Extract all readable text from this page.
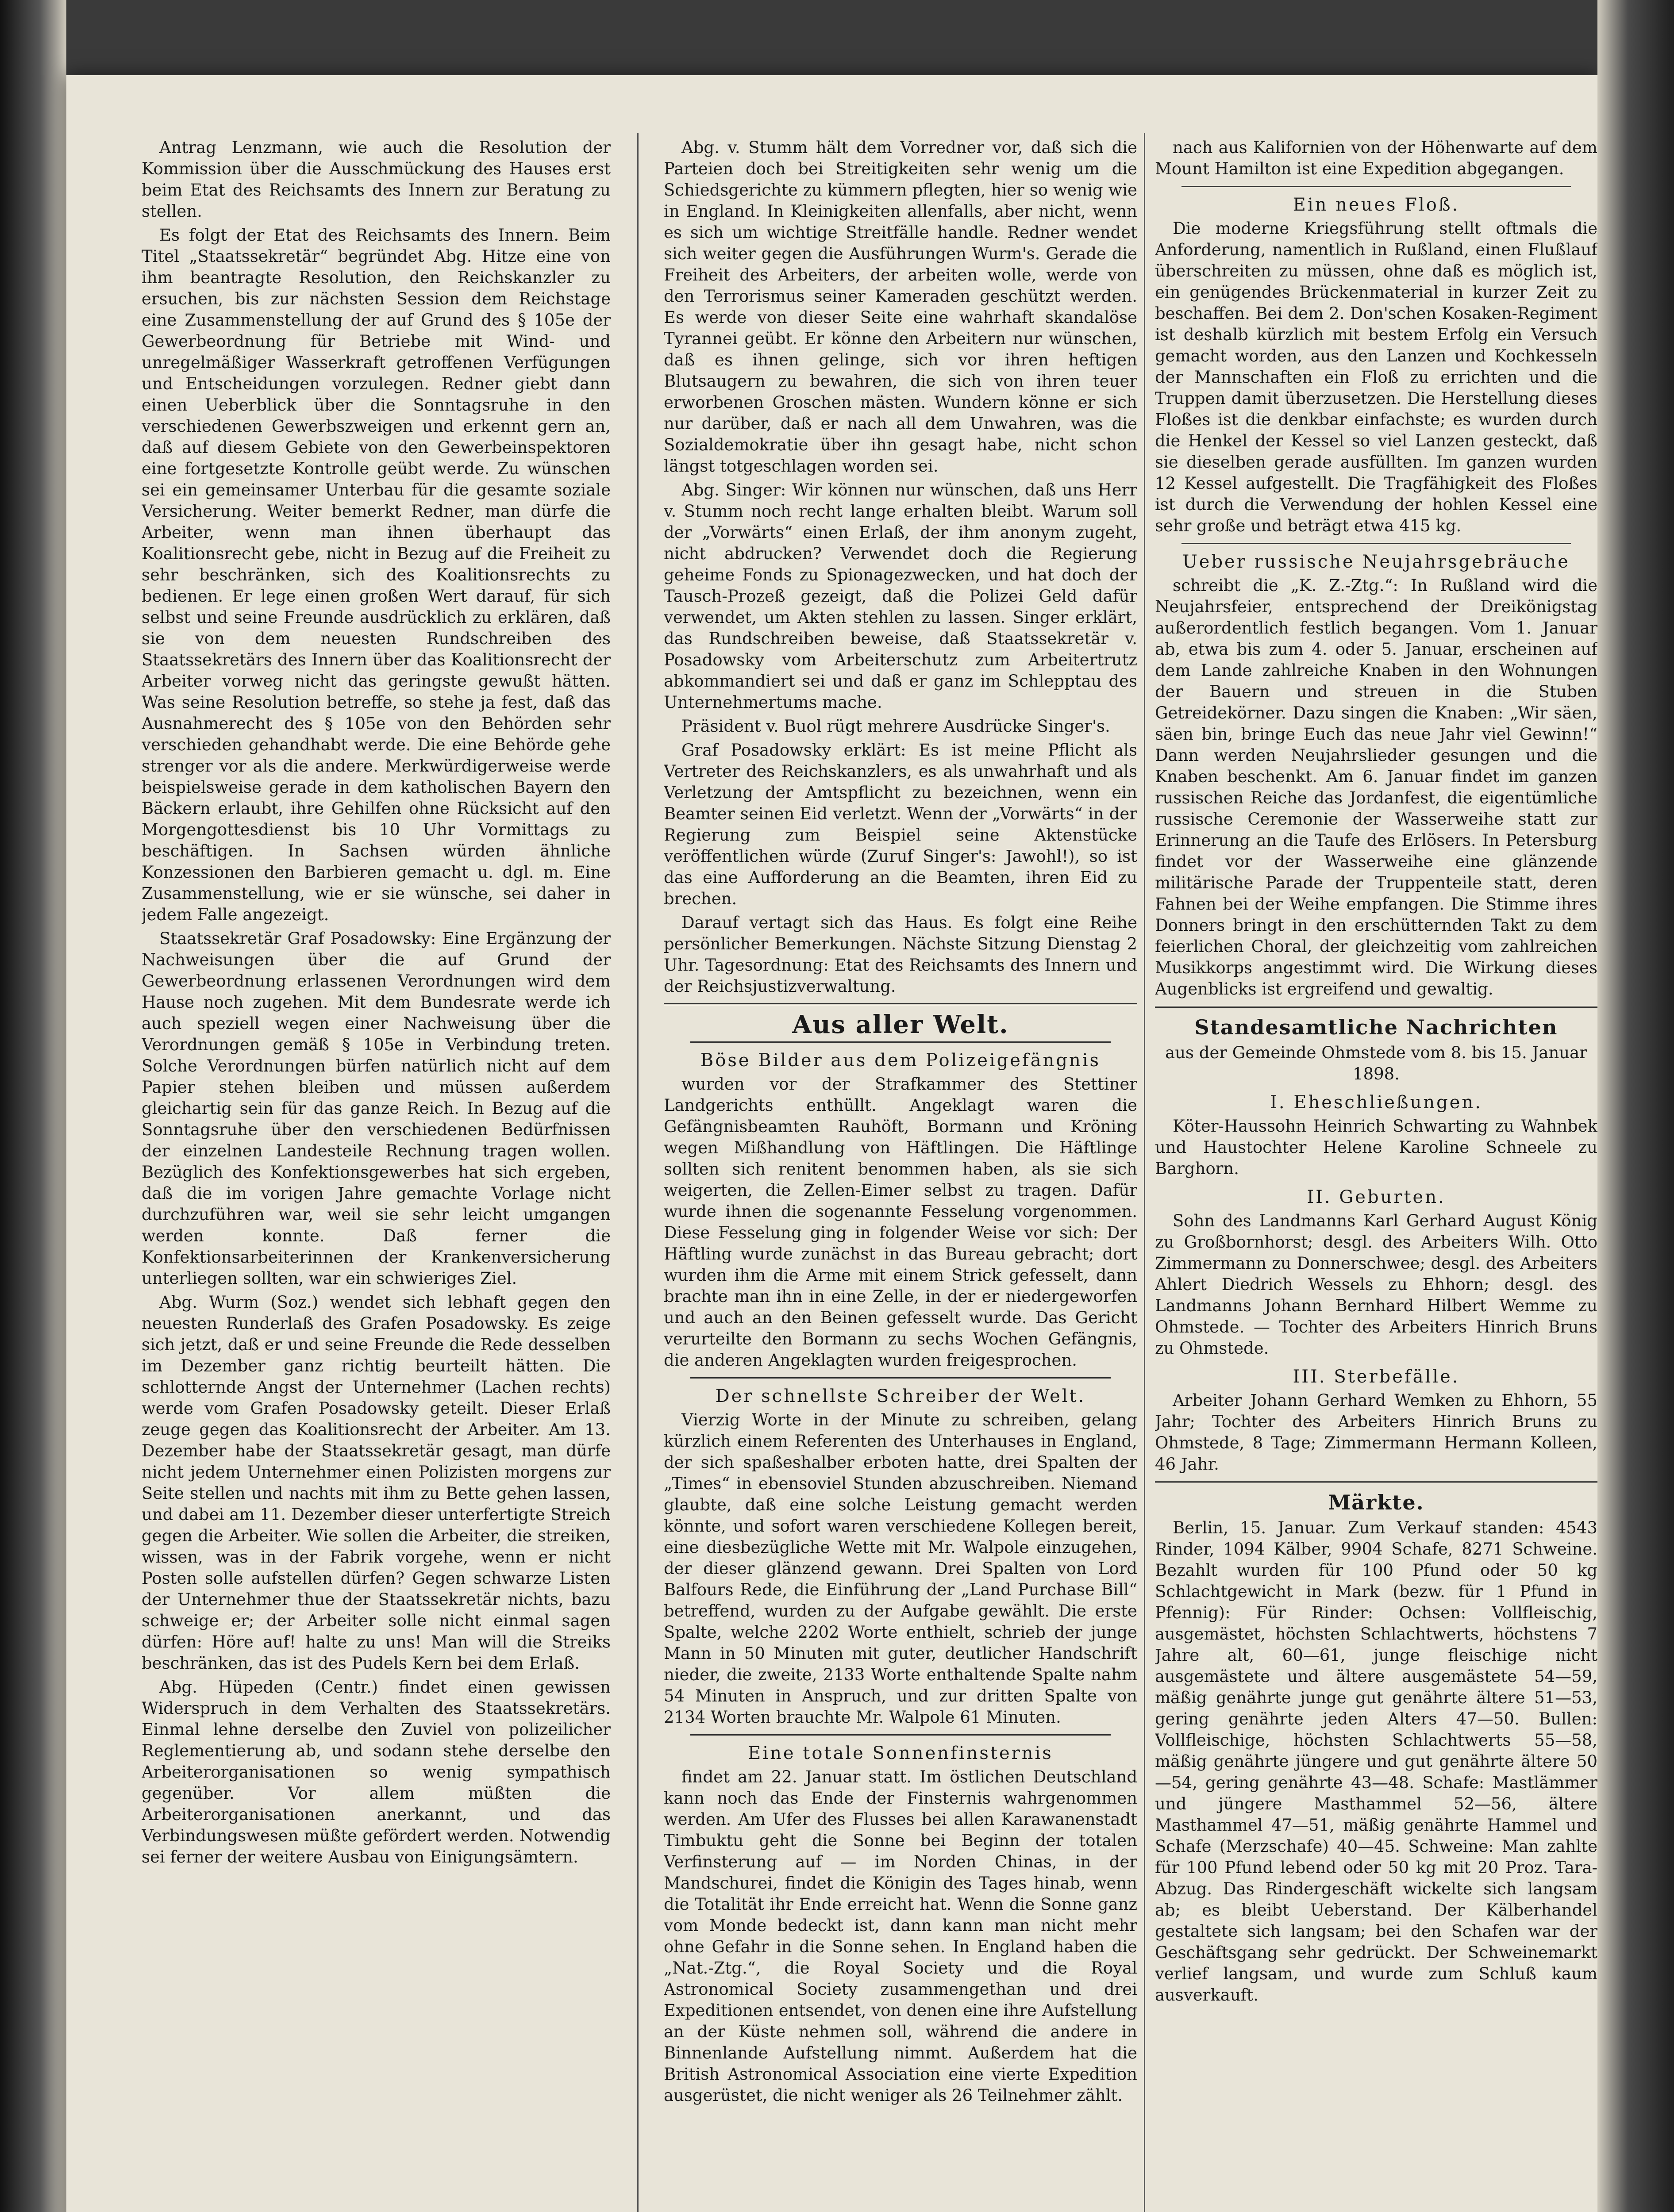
Antrag Lenzmann, wie auch die Resolution der Kommission über die Ausschmückung des Hauses erst beim Etat des Reichsamts des Innern zur Beratung zu stellen.

Es folgt der Etat des Reichsamts des Innern. Beim Titel „Staatssekretär“ begründet Abg. Hitze eine von ihm beantragte Resolution, den Reichskanzler zu ersuchen, bis zur nächsten Session dem Reichstage eine Zusammenstellung der auf Grund des § 105e der Gewerbeordnung für Betriebe mit Wind- und unregelmäßiger Wasserkraft getroffenen Verfügungen und Entscheidungen vorzulegen. Redner giebt dann einen Ueberblick über die Sonntagsruhe in den verschiedenen Gewerbszweigen und erkennt gern an, daß auf diesem Gebiete von den Gewerbeinspektoren eine fortgesetzte Kontrolle geübt werde. Zu wünschen sei ein gemeinsamer Unterbau für die gesamte soziale Versicherung. Weiter bemerkt Redner, man dürfe die Arbeiter, wenn man ihnen überhaupt das Koalitionsrecht gebe, nicht in Bezug auf die Freiheit zu sehr beschränken, sich des Koalitionsrechts zu bedienen. Er lege einen großen Wert darauf, für sich selbst und seine Freunde ausdrücklich zu erklären, daß sie von dem neuesten Rundschreiben des Staatssekretärs des Innern über das Koalitionsrecht der Arbeiter vorweg nicht das geringste gewußt hätten. Was seine Resolution betreffe, so stehe ja fest, daß das Ausnahmerecht des § 105e von den Behörden sehr verschieden gehandhabt werde. Die eine Behörde gehe strenger vor als die andere. Merkwürdigerweise werde beispielsweise gerade in dem katholischen Bayern den Bäckern erlaubt, ihre Gehilfen ohne Rücksicht auf den Morgengottesdienst bis 10 Uhr Vormittags zu beschäftigen. In Sachsen würden ähnliche Konzessionen den Barbieren gemacht u. dgl. m. Eine Zusammenstellung, wie er sie wünsche, sei daher in jedem Falle angezeigt.

Staatssekretär Graf Posadowsky: Eine Ergänzung der Nachweisungen über die auf Grund der Gewerbeordnung erlassenen Verordnungen wird dem Hause noch zugehen. Mit dem Bundesrate werde ich auch speziell wegen einer Nachweisung über die Verordnungen gemäß § 105e in Verbindung treten. Solche Verordnungen bürfen natürlich nicht auf dem Papier stehen bleiben und müssen außerdem gleichartig sein für das ganze Reich. In Bezug auf die Sonntagsruhe über den verschiedenen Bedürfnissen der einzelnen Landesteile Rechnung tragen wollen. Bezüglich des Konfektionsgewerbes hat sich ergeben, daß die im vorigen Jahre gemachte Vorlage nicht durchzuführen war, weil sie sehr leicht umgangen werden konnte. Daß ferner die Konfektionsarbeiterinnen der Krankenversicherung unterliegen sollten, war ein schwieriges Ziel.

Abg. Wurm (Soz.) wendet sich lebhaft gegen den neuesten Runderlaß des Grafen Posadowsky. Es zeige sich jetzt, daß er und seine Freunde die Rede desselben im Dezember ganz richtig beurteilt hätten. Die schlotternde Angst der Unternehmer (Lachen rechts) werde vom Grafen Posadowsky geteilt. Dieser Erlaß zeuge gegen das Koalitionsrecht der Arbeiter. Am 13. Dezember habe der Staatssekretär gesagt, man dürfe nicht jedem Unternehmer einen Polizisten morgens zur Seite stellen und nachts mit ihm zu Bette gehen lassen, und dabei am 11. Dezember dieser unterfertigte Streich gegen die Arbeiter. Wie sollen die Arbeiter, die streiken, wissen, was in der Fabrik vorgehe, wenn er nicht Posten solle aufstellen dürfen? Gegen schwarze Listen der Unternehmer thue der Staatssekretär nichts, bazu schweige er; der Arbeiter solle nicht einmal sagen dürfen: Höre auf! halte zu uns! Man will die Streiks beschränken, das ist des Pudels Kern bei dem Erlaß.

Abg. Hüpeden (Centr.) findet einen gewissen Widerspruch in dem Verhalten des Staatssekretärs. Einmal lehne derselbe den Zuviel von polizeilicher Reglementierung ab, und sodann stehe derselbe den Arbeiterorganisationen so wenig sympathisch gegenüber. Vor allem müßten die Arbeiterorganisationen anerkannt, und das Verbindungswesen müßte gefördert werden. Notwendig sei ferner der weitere Ausbau von Einigungsämtern.

Abg. v. Stumm hält dem Vorredner vor, daß sich die Parteien doch bei Streitigkeiten sehr wenig um die Schiedsgerichte zu kümmern pflegten, hier so wenig wie in England. In Kleinigkeiten allenfalls, aber nicht, wenn es sich um wichtige Streitfälle handle. Redner wendet sich weiter gegen die Ausführungen Wurm's. Gerade die Freiheit des Arbeiters, der arbeiten wolle, werde von den Terrorismus seiner Kameraden geschützt werden. Es werde von dieser Seite eine wahrhaft skandalöse Tyrannei geübt. Er könne den Arbeitern nur wünschen, daß es ihnen gelinge, sich vor ihren heftigen Blutsaugern zu bewahren, die sich von ihren teuer erworbenen Groschen mästen. Wundern könne er sich nur darüber, daß er nach all dem Unwahren, was die Sozialdemokratie über ihn gesagt habe, nicht schon längst totgeschlagen worden sei.

Abg. Singer: Wir können nur wünschen, daß uns Herr v. Stumm noch recht lange erhalten bleibt. Warum soll der „Vorwärts“ einen Erlaß, der ihm anonym zugeht, nicht abdrucken? Verwendet doch die Regierung geheime Fonds zu Spionagezwecken, und hat doch der Tausch-Prozeß gezeigt, daß die Polizei Geld dafür verwendet, um Akten stehlen zu lassen. Singer erklärt, das Rundschreiben beweise, daß Staatssekretär v. Posadowsky vom Arbeiterschutz zum Arbeitertrutz abkommandiert sei und daß er ganz im Schlepptau des Unternehmertums mache.

Präsident v. Buol rügt mehrere Ausdrücke Singer's.

Graf Posadowsky erklärt: Es ist meine Pflicht als Vertreter des Reichskanzlers, es als unwahrhaft und als Verletzung der Amtspflicht zu bezeichnen, wenn ein Beamter seinen Eid verletzt. Wenn der „Vorwärts“ in der Regierung zum Beispiel seine Aktenstücke veröffentlichen würde (Zuruf Singer's: Jawohl!), so ist das eine Aufforderung an die Beamten, ihren Eid zu brechen.

Darauf vertagt sich das Haus. Es folgt eine Reihe persönlicher Bemerkungen. Nächste Sitzung Dienstag 2 Uhr. Tagesordnung: Etat des Reichsamts des Innern und der Reichsjustizverwaltung.

Aus aller Welt.
Böse Bilder aus dem Polizeigefängnis

wurden vor der Strafkammer des Stettiner Landgerichts enthüllt. Angeklagt waren die Gefängnisbeamten Rauhöft, Bormann und Kröning wegen Mißhandlung von Häftlingen. Die Häftlinge sollten sich renitent benommen haben, als sie sich weigerten, die Zellen-Eimer selbst zu tragen. Dafür wurde ihnen die sogenannte Fesselung vorgenommen. Diese Fesselung ging in folgender Weise vor sich: Der Häftling wurde zunächst in das Bureau gebracht; dort wurden ihm die Arme mit einem Strick gefesselt, dann brachte man ihn in eine Zelle, in der er niedergeworfen und auch an den Beinen gefesselt wurde. Das Gericht verurteilte den Bormann zu sechs Wochen Gefängnis, die anderen Angeklagten wurden freigesprochen.

Der schnellste Schreiber der Welt.

Vierzig Worte in der Minute zu schreiben, gelang kürzlich einem Referenten des Unterhauses in England, der sich spaßeshalber erboten hatte, drei Spalten der „Times“ in ebensoviel Stunden abzuschreiben. Niemand glaubte, daß eine solche Leistung gemacht werden könnte, und sofort waren verschiedene Kollegen bereit, eine diesbezügliche Wette mit Mr. Walpole einzugehen, der dieser glänzend gewann. Drei Spalten von Lord Balfours Rede, die Einführung der „Land Purchase Bill“ betreffend, wurden zu der Aufgabe gewählt. Die erste Spalte, welche 2202 Worte enthielt, schrieb der junge Mann in 50 Minuten mit guter, deutlicher Handschrift nieder, die zweite, 2133 Worte enthaltende Spalte nahm 54 Minuten in Anspruch, und zur dritten Spalte von 2134 Worten brauchte Mr. Walpole 61 Minuten.

Eine totale Sonnenfinsternis

findet am 22. Januar statt. Im östlichen Deutschland kann noch das Ende der Finsternis wahrgenommen werden. Am Ufer des Flusses bei allen Karawanenstadt Timbuktu geht die Sonne bei Beginn der totalen Verfinsterung auf — im Norden Chinas, in der Mandschurei, findet die Königin des Tages hinab, wenn die Totalität ihr Ende erreicht hat. Wenn die Sonne ganz vom Monde bedeckt ist, dann kann man nicht mehr ohne Gefahr in die Sonne sehen. In England haben die „Nat.-Ztg.“, die Royal Society und die Royal Astronomical Society zusammengethan und drei Expeditionen entsendet, von denen eine ihre Aufstellung an der Küste nehmen soll, während die andere in Binnenlande Aufstellung nimmt. Außerdem hat die British Astronomical Association eine vierte Expedition ausgerüstet, die nicht weniger als 26 Teilnehmer zählt.

nach aus Kalifornien von der Höhenwarte auf dem Mount Hamilton ist eine Expedition abgegangen.

Ein neues Floß.

Die moderne Kriegsführung stellt oftmals die Anforderung, namentlich in Rußland, einen Flußlauf überschreiten zu müssen, ohne daß es möglich ist, ein genügendes Brückenmaterial in kurzer Zeit zu beschaffen. Bei dem 2. Don'schen Kosaken-Regiment ist deshalb kürzlich mit bestem Erfolg ein Versuch gemacht worden, aus den Lanzen und Kochkesseln der Mannschaften ein Floß zu errichten und die Truppen damit überzusetzen. Die Herstellung dieses Floßes ist die denkbar einfachste; es wurden durch die Henkel der Kessel so viel Lanzen gesteckt, daß sie dieselben gerade ausfüllten. Im ganzen wurden 12 Kessel aufgestellt. Die Tragfähigkeit des Floßes ist durch die Verwendung der hohlen Kessel eine sehr große und beträgt etwa 415 kg.

Ueber russische Neujahrsgebräuche

schreibt die „K. Z.-Ztg.“: In Rußland wird die Neujahrsfeier, entsprechend der Dreikönigstag außerordentlich festlich begangen. Vom 1. Januar ab, etwa bis zum 4. oder 5. Januar, erscheinen auf dem Lande zahlreiche Knaben in den Wohnungen der Bauern und streuen in die Stuben Getreidekörner. Dazu singen die Knaben: „Wir säen, säen bin, bringe Euch das neue Jahr viel Gewinn!“ Dann werden Neujahrslieder gesungen und die Knaben beschenkt. Am 6. Januar findet im ganzen russischen Reiche das Jordanfest, die eigentümliche russische Ceremonie der Wasserweihe statt zur Erinnerung an die Taufe des Erlösers. In Petersburg findet vor der Wasserweihe eine glänzende militärische Parade der Truppenteile statt, deren Fahnen bei der Weihe empfangen. Die Stimme ihres Donners bringt in den erschütternden Takt zu dem feierlichen Choral, der gleichzeitig vom zahlreichen Musikkorps angestimmt wird. Die Wirkung dieses Augenblicks ist ergreifend und gewaltig.

Standesamtliche Nachrichten

aus der Gemeinde Ohmstede vom 8. bis 15. Januar 1898.

I. Eheschließungen.

Köter-Haussohn Heinrich Schwarting zu Wahnbek und Haustochter Helene Karoline Schneele zu Barghorn.

II. Geburten.

Sohn des Landmanns Karl Gerhard August König zu Großbornhorst; desgl. des Arbeiters Wilh. Otto Zimmermann zu Donnerschwee; desgl. des Arbeiters Ahlert Diedrich Wessels zu Ehhorn; desgl. des Landmanns Johann Bernhard Hilbert Wemme zu Ohmstede. — Tochter des Arbeiters Hinrich Bruns zu Ohmstede.

III. Sterbefälle.

Arbeiter Johann Gerhard Wemken zu Ehhorn, 55 Jahr; Tochter des Arbeiters Hinrich Bruns zu Ohmstede, 8 Tage; Zimmermann Hermann Kolleen, 46 Jahr.

Märkte.

Berlin, 15. Januar. Zum Verkauf standen: 4543 Rinder, 1094 Kälber, 9904 Schafe, 8271 Schweine. Bezahlt wurden für 100 Pfund oder 50 kg Schlachtgewicht in Mark (bezw. für 1 Pfund in Pfennig): Für Rinder: Ochsen: Vollfleischig, ausgemästet, höchsten Schlachtwerts, höchstens 7 Jahre alt, 60—61, junge fleischige nicht ausgemästete und ältere ausgemästete 54—59, mäßig genährte junge gut genährte ältere 51—53, gering genährte jeden Alters 47—50. Bullen: Vollfleischige, höchsten Schlachtwerts 55—58, mäßig genährte jüngere und gut genährte ältere 50—54, gering genährte 43—48. Schafe: Mastlämmer und jüngere Masthammel 52—56, ältere Masthammel 47—51, mäßig genährte Hammel und Schafe (Merzschafe) 40—45. Schweine: Man zahlte für 100 Pfund lebend oder 50 kg mit 20 Proz. Tara-Abzug. Das Rindergeschäft wickelte sich langsam ab; es bleibt Ueberstand. Der Kälberhandel gestaltete sich langsam; bei den Schafen war der Geschäftsgang sehr gedrückt. Der Schweinemarkt verlief langsam, und wurde zum Schluß kaum ausverkauft.
